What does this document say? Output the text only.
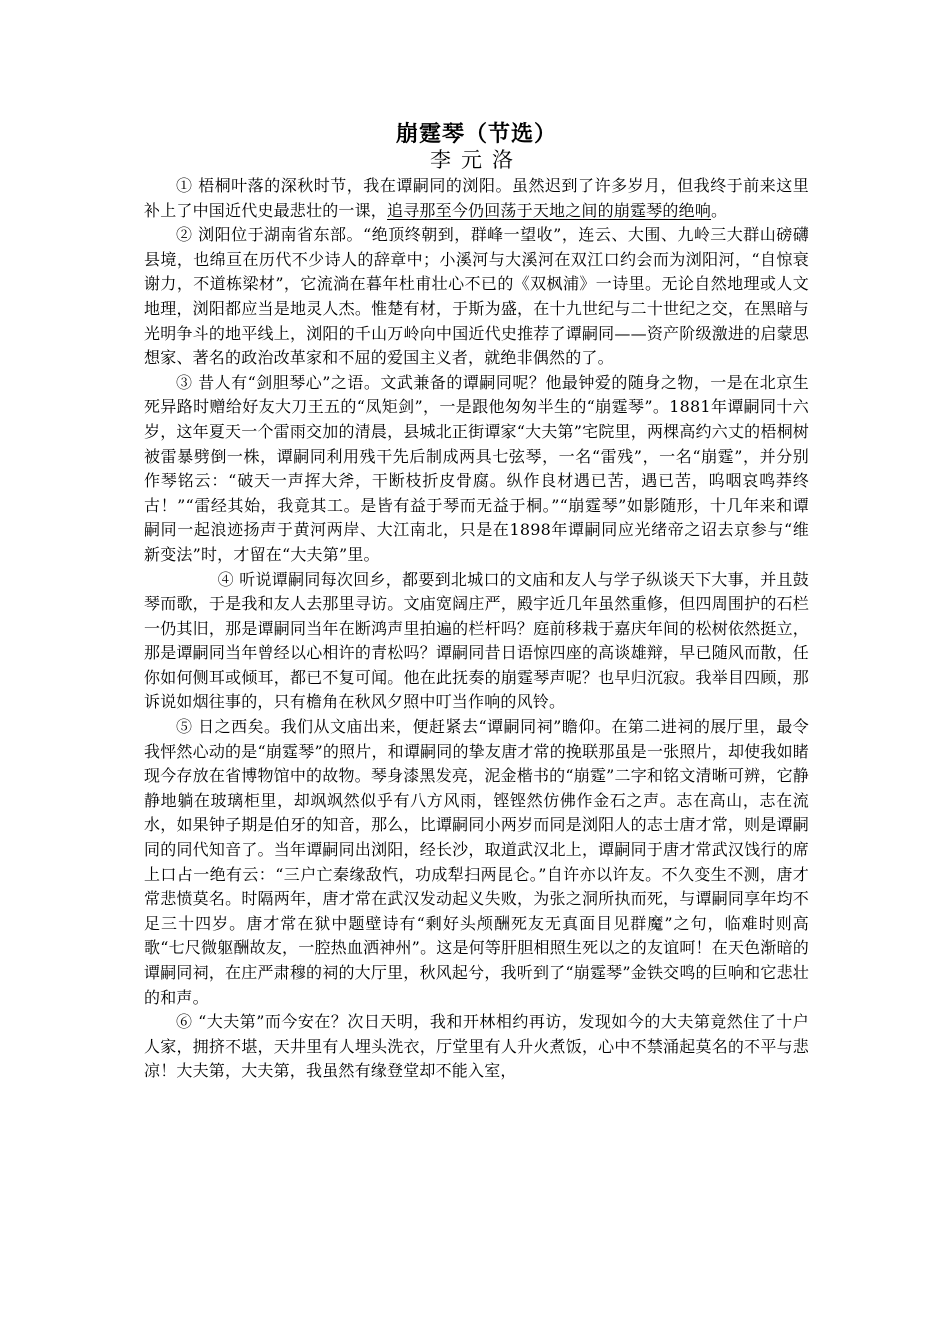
崩霆琴（节选）
李元洛

① 梧桐叶落的深秋时节，我在谭嗣同的浏阳。虽然迟到了许多岁月，但我终于前来这里补上了中国近代史最悲壮的一课，追寻那至今仍回荡于天地之间的崩霆琴的绝响。

② 浏阳位于湖南省东部。“绝顶终朝到，群峰一望收”，连云、大围、九岭三大群山磅礴县境，也绵亘在历代不少诗人的辞章中；小溪河与大溪河在双江口约会而为浏阳河，“自惊衰谢力，不道栋梁材”，它流淌在暮年杜甫壮心不已的《双枫浦》一诗里。无论自然地理或人文地理，浏阳都应当是地灵人杰。惟楚有材，于斯为盛，在十九世纪与二十世纪之交，在黑暗与光明争斗的地平线上，浏阳的千山万岭向中国近代史推荐了谭嗣同——资产阶级激进的启蒙思想家、著名的政治改革家和不屈的爱国主义者，就绝非偶然的了。

③ 昔人有“剑胆琴心”之语。文武兼备的谭嗣同呢？他最钟爱的随身之物，一是在北京生死异路时赠给好友大刀王五的“凤矩剑”，一是跟他匆匆半生的“崩霆琴”。1881年谭嗣同十六岁，这年夏天一个雷雨交加的清晨，县城北正街谭家“大夫第”宅院里，两棵高约六丈的梧桐树被雷暴劈倒一株，谭嗣同利用残干先后制成两具七弦琴，一名“雷残”，一名“崩霆”，并分别作琴铭云：“破天一声挥大斧，干断枝折皮骨腐。纵作良材遇已苦，遇已苦，呜咽哀鸣莽终古！”“雷经其始，我竟其工。是皆有益于琴而无益于桐。”“崩霆琴”如影随形，十几年来和谭嗣同一起浪迹扬声于黄河两岸、大江南北，只是在1898年谭嗣同应光绪帝之诏去京参与“维新变法”时，才留在“大夫第”里。

④ 听说谭嗣同每次回乡，都要到北城口的文庙和友人与学子纵谈天下大事，并且鼓琴而歌，于是我和友人去那里寻访。文庙宽阔庄严，殿宇近几年虽然重修，但四周围护的石栏一仍其旧，那是谭嗣同当年在断鸿声里拍遍的栏杆吗？庭前移栽于嘉庆年间的松树依然挺立，那是谭嗣同当年曾经以心相许的青松吗？谭嗣同昔日语惊四座的高谈雄辩，早已随风而散，任你如何侧耳或倾耳，都已不复可闻。他在此抚奏的崩霆琴声呢？也早归沉寂。我举目四顾，那诉说如烟往事的，只有檐角在秋风夕照中叮当作响的风铃。

⑤ 日之西矣。我们从文庙出来，便赶紧去“谭嗣同祠”瞻仰。在第二进祠的展厅里，最令我怦然心动的是“崩霆琴”的照片，和谭嗣同的挚友唐才常的挽联那虽是一张照片，却使我如睹现今存放在省博物馆中的故物。琴身漆黑发亮，泥金楷书的“崩霆”二字和铭文清晰可辨，它静静地躺在玻璃柜里，却飒飒然似乎有八方风雨，铿铿然仿佛作金石之声。志在高山，志在流水，如果钟子期是伯牙的知音，那么，比谭嗣同小两岁而同是浏阳人的志士唐才常，则是谭嗣同的同代知音了。当年谭嗣同出浏阳，经长沙，取道武汉北上，谭嗣同于唐才常武汉饯行的席上口占一绝有云：“三户亡秦缘敌忾，功成犁扫两昆仑。”自许亦以许友。不久变生不测，唐才常悲愤莫名。时隔两年，唐才常在武汉发动起义失败，为张之洞所执而死，与谭嗣同享年均不足三十四岁。唐才常在狱中题壁诗有“剩好头颅酬死友无真面目见群魔”之句，临难时则高歌“七尺微躯酬故友，一腔热血洒神州”。这是何等肝胆相照生死以之的友谊呵！在天色渐暗的谭嗣同祠，在庄严肃穆的祠的大厅里，秋风起兮，我听到了“崩霆琴”金铁交鸣的巨响和它悲壮的和声。

⑥ “大夫第”而今安在？次日天明，我和开林相约再访，发现如今的大夫第竟然住了十户人家，拥挤不堪，天井里有人埋头洗衣，厅堂里有人升火煮饭，心中不禁涌起莫名的不平与悲凉！大夫第，大夫第，我虽然有缘登堂却不能入室，
